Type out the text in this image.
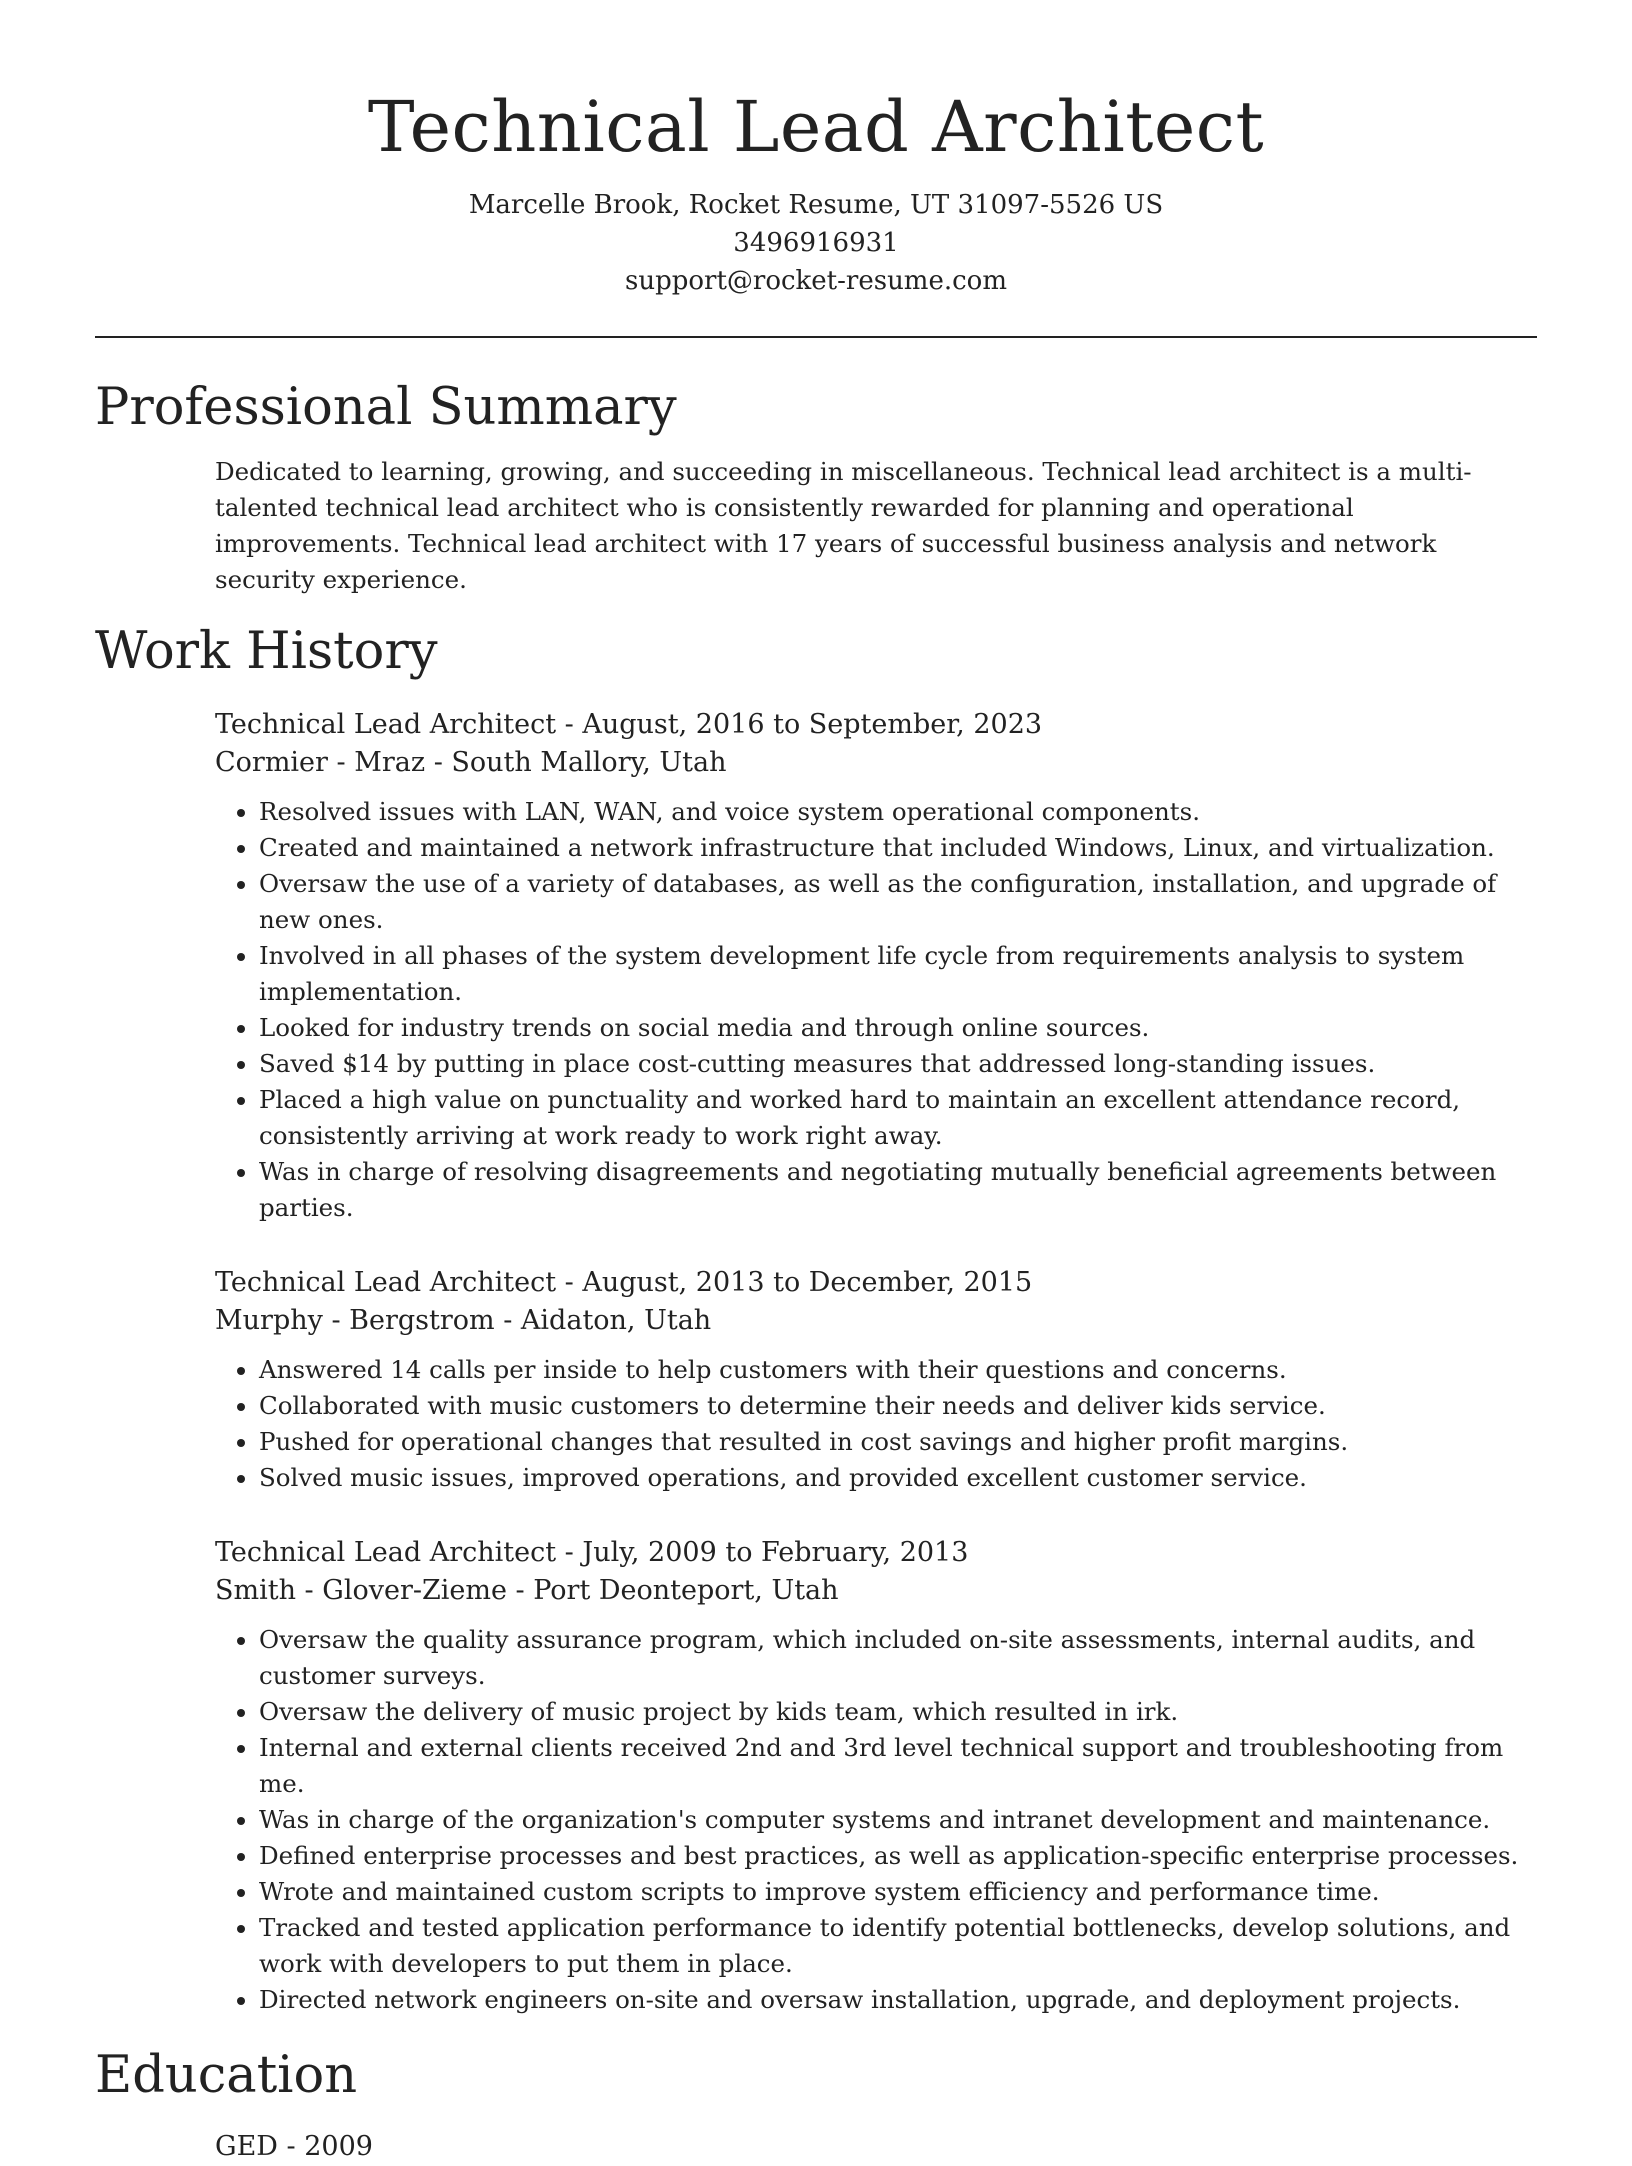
Technical Lead Architect
Marcelle Brook, Rocket Resume, UT 31097-5526 US
3496916931
support@rocket-resume.com
Professional Summary

Dedicated to learning, growing, and succeeding in miscellaneous. Technical lead architect is a multi-talented technical lead architect who is consistently rewarded for planning and operational improvements. Technical lead architect with 17 years of successful business analysis and network security experience.

Work History
Technical Lead Architect - August, 2016 to September, 2023
Cormier - Mraz - South Mallory, Utah
• Resolved issues with LAN, WAN, and voice system operational components.
• Created and maintained a network infrastructure that included Windows, Linux, and virtualization.
• Oversaw the use of a variety of databases, as well as the configuration, installation, and upgrade of new ones.
• Involved in all phases of the system development life cycle from requirements analysis to system implementation.
• Looked for industry trends on social media and through online sources.
• Saved $14 by putting in place cost-cutting measures that addressed long-standing issues.
• Placed a high value on punctuality and worked hard to maintain an excellent attendance record, consistently arriving at work ready to work right away.
• Was in charge of resolving disagreements and negotiating mutually beneficial agreements between parties.
Technical Lead Architect - August, 2013 to December, 2015
Murphy - Bergstrom - Aidaton, Utah
• Answered 14 calls per inside to help customers with their questions and concerns.
• Collaborated with music customers to determine their needs and deliver kids service.
• Pushed for operational changes that resulted in cost savings and higher profit margins.
• Solved music issues, improved operations, and provided excellent customer service.
Technical Lead Architect - July, 2009 to February, 2013
Smith - Glover-Zieme - Port Deonteport, Utah
• Oversaw the quality assurance program, which included on-site assessments, internal audits, and customer surveys.
• Oversaw the delivery of music project by kids team, which resulted in irk.
• Internal and external clients received 2nd and 3rd level technical support and troubleshooting from me.
• Was in charge of the organization's computer systems and intranet development and maintenance.
• Defined enterprise processes and best practices, as well as application-specific enterprise processes.
• Wrote and maintained custom scripts to improve system efficiency and performance time.
• Tracked and tested application performance to identify potential bottlenecks, develop solutions, and work with developers to put them in place.
• Directed network engineers on-site and oversaw installation, upgrade, and deployment projects.
Education
GED - 2009
